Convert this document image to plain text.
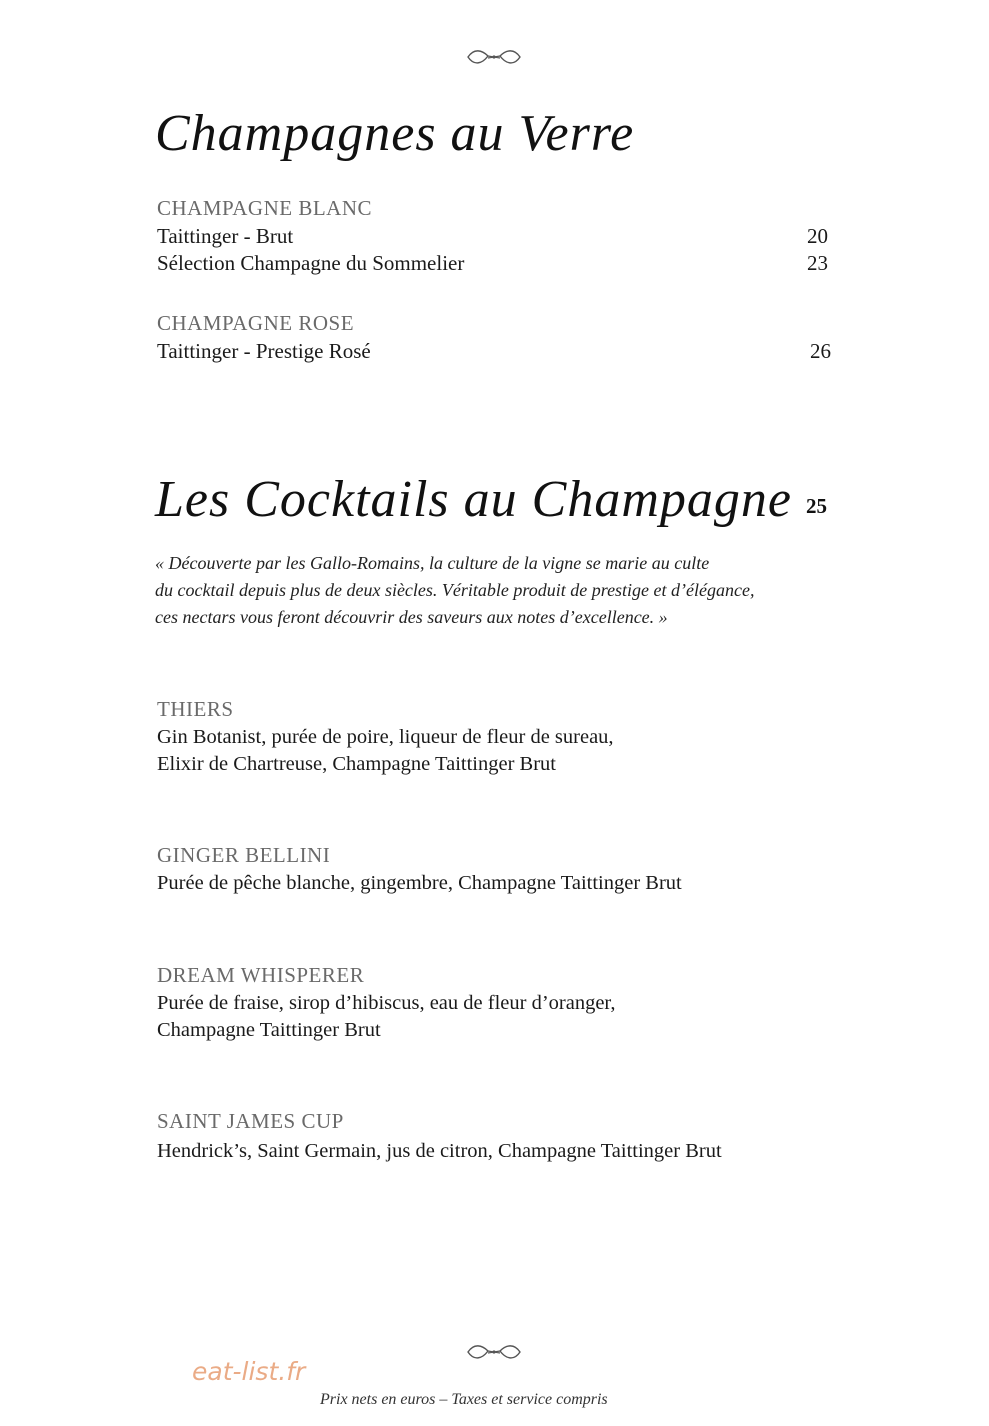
Champagnes au Verre
CHAMPAGNE BLANC
Taittinger - Brut	20
Sélection Champagne du Sommelier	23
CHAMPAGNE ROSE
Taittinger - Prestige Rosé	26
Les Cocktails au Champagne 25
« Découverte par les Gallo-Romains, la culture de la vigne se marie au culte
du cocktail depuis plus de deux siècles. Véritable produit de prestige et d’élégance,
ces nectars vous feront découvrir des saveurs aux notes d’excellence. »
THIERS
Gin Botanist, purée de poire, liqueur de fleur de sureau,
Elixir de Chartreuse, Champagne Taittinger Brut
GINGER BELLINI
Purée de pêche blanche, gingembre, Champagne Taittinger Brut
DREAM WHISPERER
Purée de fraise, sirop d’hibiscus, eau de fleur d’oranger,
Champagne Taittinger Brut
SAINT JAMES CUP
Hendrick’s, Saint Germain, jus de citron, Champagne Taittinger Brut
eat-list.fr
Prix nets en euros – Taxes et service compris
